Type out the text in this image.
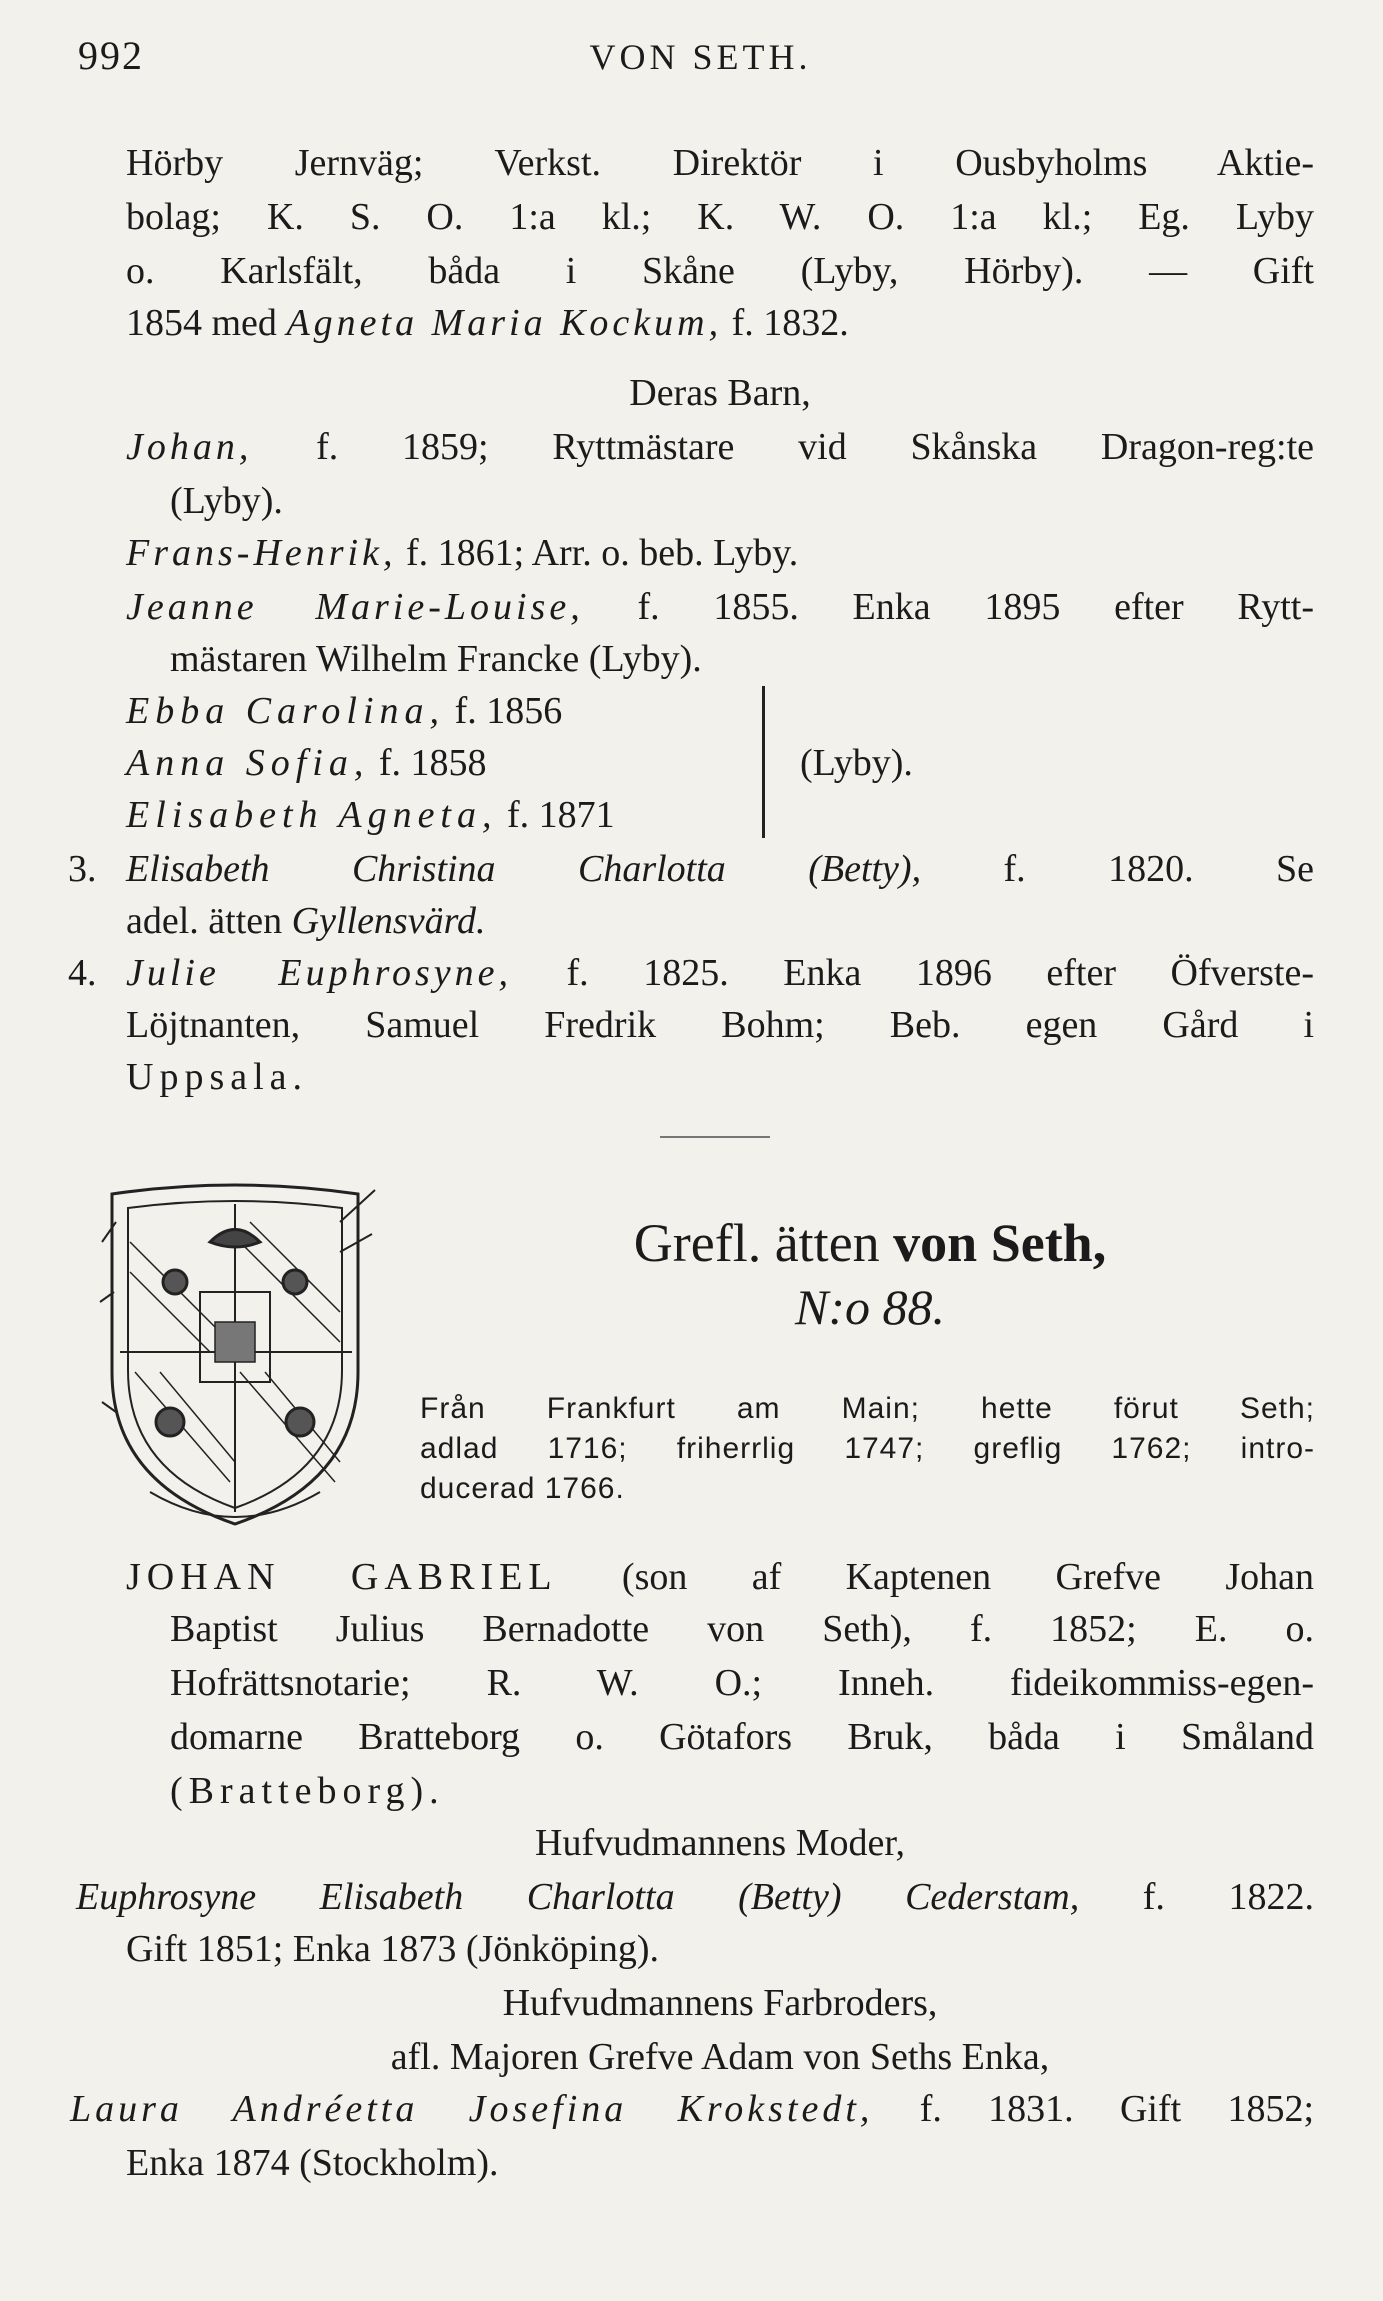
992	VON SETH.
Hörby Jernväg; Verkst. Direktör i Ousbyholms Aktie-
bolag; K. S. O. 1:a kl.; K. W. O. 1:a kl.; Eg. Lyby
o. Karlsfält, båda i Skåne (Lyby, Hörby). — Gift
1854 med Agneta Maria Kockum, f. 1832.
Deras Barn,
Johan, f. 1859; Ryttmästare vid Skånska Dragon-reg:te
(Lyby).
Frans-Henrik, f. 1861; Arr. o. beb. Lyby.
Jeanne Marie-Louise, f. 1855. Enka 1895 efter Rytt-
mästaren Wilhelm Francke (Lyby).
Ebba Carolina, f. 1856
Anna Sofia, f. 1858	(Lyby).
Elisabeth Agneta, f. 1871
3. Elisabeth Christina Charlotta (Betty), f. 1820. Se
adel. ätten Gyllensvärd.
4. Julie Euphrosyne, f. 1825. Enka 1896 efter Öfverste-
Löjtnanten, Samuel Fredrik Bohm; Beb. egen Gård i
Uppsala.
Grefl. ätten von Seth,
N:o 88.
Från Frankfurt am Main; hette förut Seth;
adlad 1716; friherrlig 1747; greflig 1762; intro-
ducerad 1766.
JOHAN GABRIEL (son af Kaptenen Grefve Johan
Baptist Julius Bernadotte von Seth), f. 1852; E. o.
Hofrättsnotarie; R. W. O.; Inneh. fideikommiss-egen-
domarne Bratteborg o. Götafors Bruk, båda i Småland
(Bratteborg).
Hufvudmannens Moder,
Euphrosyne Elisabeth Charlotta (Betty) Cederstam, f. 1822.
Gift 1851; Enka 1873 (Jönköping).
Hufvudmannens Farbroders,
afl. Majoren Grefve Adam von Seths Enka,
Laura Andréetta Josefina Krokstedt, f. 1831. Gift 1852;
Enka 1874 (Stockholm).
